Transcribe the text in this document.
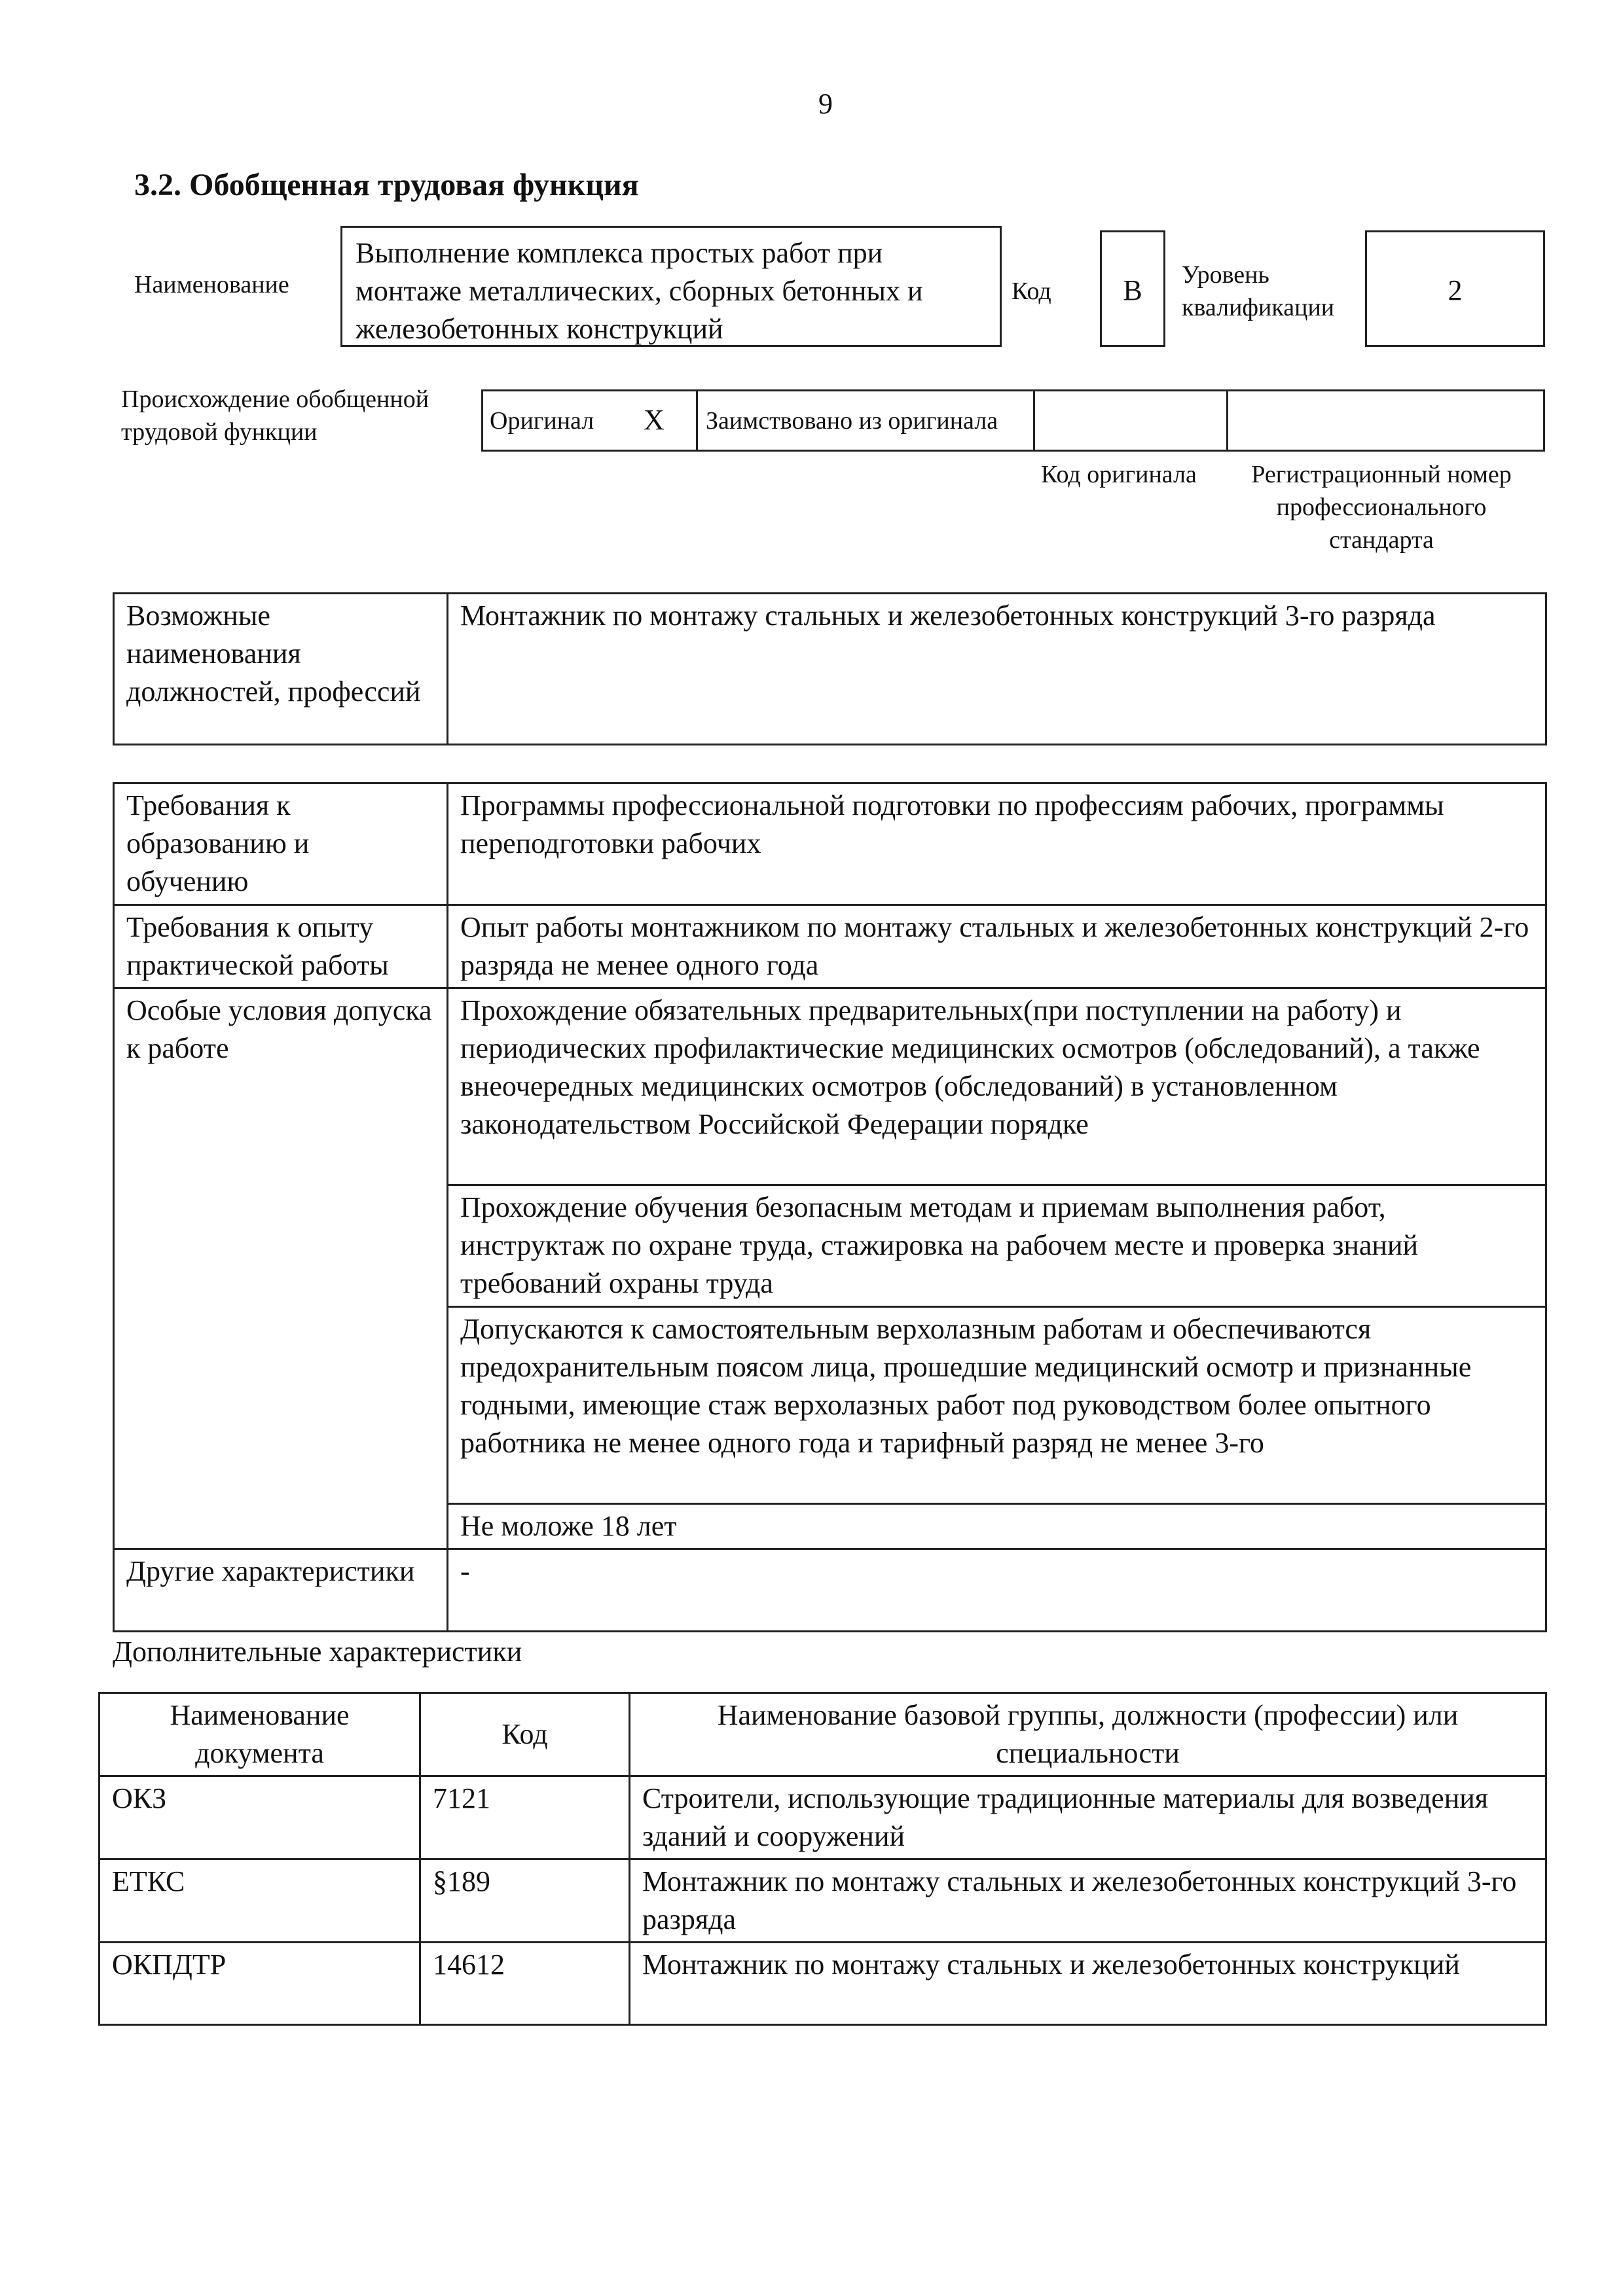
9
3.2. Обобщенная трудовая функция
Наименование
Выполнение комплекса простых работ при монтаже металлических, сборных бетонных и железобетонных конструкций
Код	B	Уровень квалификации
2
Происхождение обобщенной трудовой функции	Оригинал X Заимствовано из оригинала
Код оригинала	Регистрационный номер профессионального стандарта
Возможные наименования должностей, профессий	Монтажник по монтажу стальных и железобетонных конструкций 3-го разряда
Требования к образованию и обучению	Программы профессиональной подготовки по профессиям рабочих, программы переподготовки рабочих
Требования к опыту практической работы	Опыт работы монтажником по монтажу стальных и железобетонных конструкций 2-го разряда не менее одного года
Особые условия допуска к работе	Прохождение обязательных предварительных(при поступлении на работу) и периодических профилактические медицинских осмотров (обследований), а также внеочередных медицинских осмотров (обследований) в установленном законодательством Российской Федерации порядке
	Прохождение обучения безопасным методам и приемам выполнения работ, инструктаж по охране труда, стажировка на рабочем месте и проверка знаний требований охраны труда
	Допускаются к самостоятельным верхолазным работам и обеспечиваются предохранительным поясом лица, прошедшие медицинский осмотр и признанные годными, имеющие стаж верхолазных работ под руководством более опытного работника не менее одного года и тарифный разряд не менее 3-го
	Не моложе 18 лет
Другие характеристики	-
Дополнительные характеристики
Наименование документа	Код	Наименование базовой группы, должности (профессии) или специальности
ОКЗ	7121	Строители, использующие традиционные материалы для возведения зданий и сооружений
ЕТКС	§189	Монтажник по монтажу стальных и железобетонных конструкций 3-го разряда
ОКПДТР	14612	Монтажник по монтажу стальных и железобетонных конструкций
